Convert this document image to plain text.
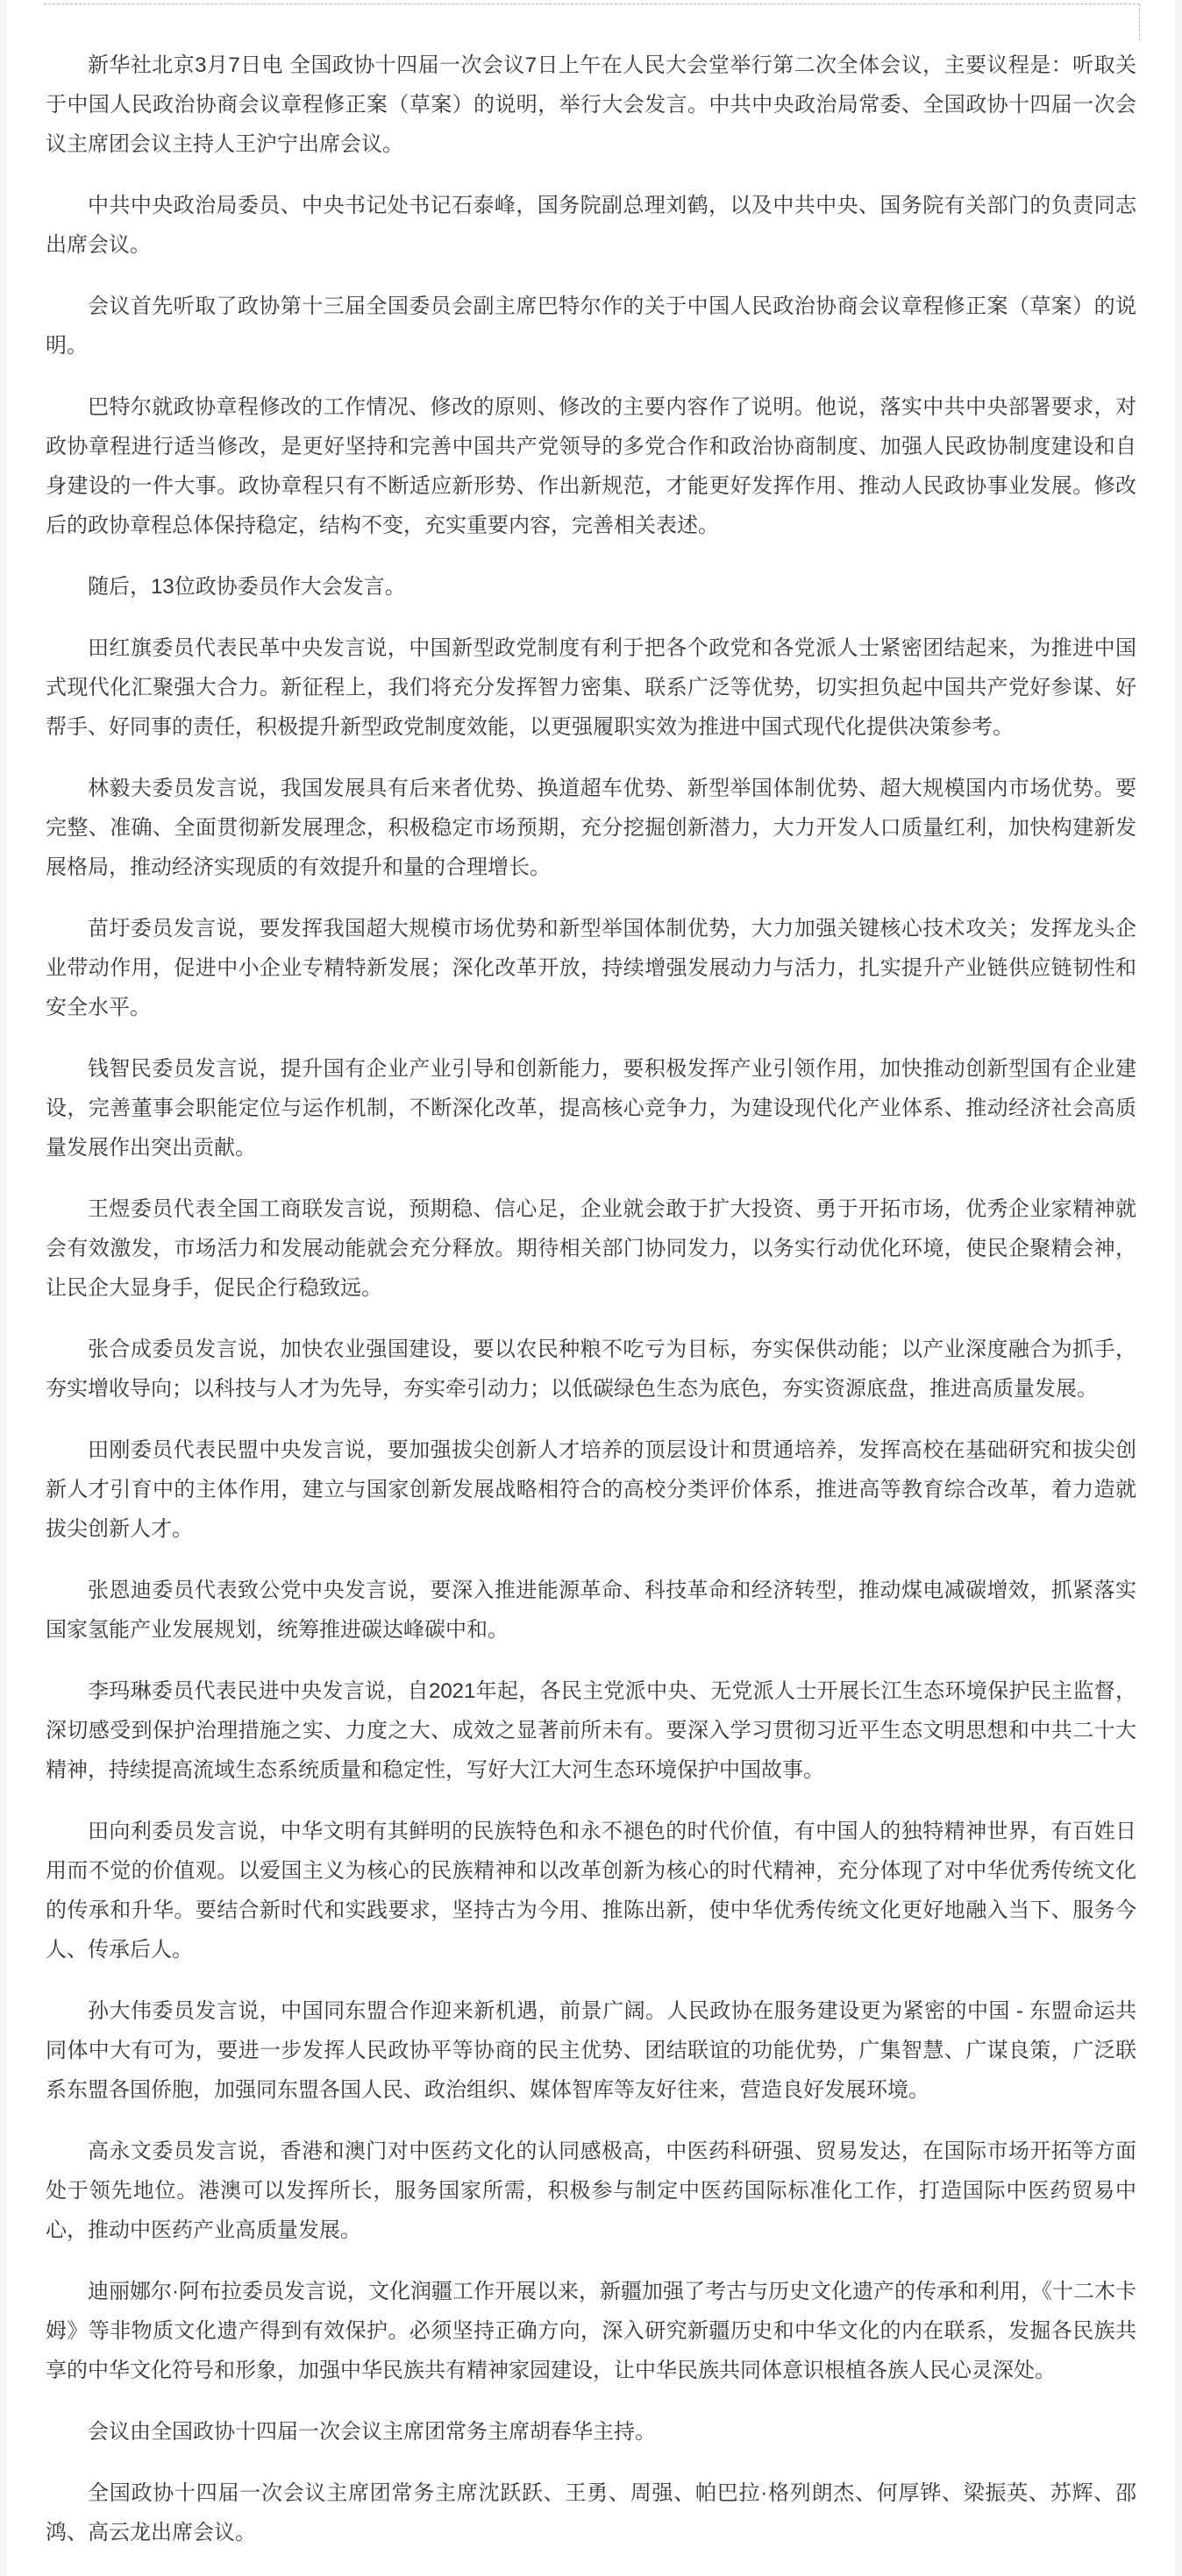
新华社北京3月7日电 全国政协十四届一次会议7日上午在人民大会堂举行第二次全体会议，主要议程是：听取关于中国人民政治协商会议章程修正案（草案）的说明，举行大会发言。中共中央政治局常委、全国政协十四届一次会议主席团会议主持人王沪宁出席会议。

中共中央政治局委员、中央书记处书记石泰峰，国务院副总理刘鹤，以及中共中央、国务院有关部门的负责同志出席会议。

会议首先听取了政协第十三届全国委员会副主席巴特尔作的关于中国人民政治协商会议章程修正案（草案）的说明。

巴特尔就政协章程修改的工作情况、修改的原则、修改的主要内容作了说明。他说，落实中共中央部署要求，对政协章程进行适当修改，是更好坚持和完善中国共产党领导的多党合作和政治协商制度、加强人民政协制度建设和自身建设的一件大事。政协章程只有不断适应新形势、作出新规范，才能更好发挥作用、推动人民政协事业发展。修改后的政协章程总体保持稳定，结构不变，充实重要内容，完善相关表述。

随后，13位政协委员作大会发言。

田红旗委员代表民革中央发言说，中国新型政党制度有利于把各个政党和各党派人士紧密团结起来，为推进中国式现代化汇聚强大合力。新征程上，我们将充分发挥智力密集、联系广泛等优势，切实担负起中国共产党好参谋、好帮手、好同事的责任，积极提升新型政党制度效能，以更强履职实效为推进中国式现代化提供决策参考。

林毅夫委员发言说，我国发展具有后来者优势、换道超车优势、新型举国体制优势、超大规模国内市场优势。要完整、准确、全面贯彻新发展理念，积极稳定市场预期，充分挖掘创新潜力，大力开发人口质量红利，加快构建新发展格局，推动经济实现质的有效提升和量的合理增长。

苗圩委员发言说，要发挥我国超大规模市场优势和新型举国体制优势，大力加强关键核心技术攻关；发挥龙头企业带动作用，促进中小企业专精特新发展；深化改革开放，持续增强发展动力与活力，扎实提升产业链供应链韧性和安全水平。

钱智民委员发言说，提升国有企业产业引导和创新能力，要积极发挥产业引领作用，加快推动创新型国有企业建设，完善董事会职能定位与运作机制，不断深化改革，提高核心竞争力，为建设现代化产业体系、推动经济社会高质量发展作出突出贡献。

王煜委员代表全国工商联发言说，预期稳、信心足，企业就会敢于扩大投资、勇于开拓市场，优秀企业家精神就会有效激发，市场活力和发展动能就会充分释放。期待相关部门协同发力，以务实行动优化环境，使民企聚精会神，让民企大显身手，促民企行稳致远。

张合成委员发言说，加快农业强国建设，要以农民种粮不吃亏为目标，夯实保供动能；以产业深度融合为抓手，夯实增收导向；以科技与人才为先导，夯实牵引动力；以低碳绿色生态为底色，夯实资源底盘，推进高质量发展。

田刚委员代表民盟中央发言说，要加强拔尖创新人才培养的顶层设计和贯通培养，发挥高校在基础研究和拔尖创新人才引育中的主体作用，建立与国家创新发展战略相符合的高校分类评价体系，推进高等教育综合改革，着力造就拔尖创新人才。

张恩迪委员代表致公党中央发言说，要深入推进能源革命、科技革命和经济转型，推动煤电减碳增效，抓紧落实国家氢能产业发展规划，统筹推进碳达峰碳中和。

李玛琳委员代表民进中央发言说，自2021年起，各民主党派中央、无党派人士开展长江生态环境保护民主监督，深切感受到保护治理措施之实、力度之大、成效之显著前所未有。要深入学习贯彻习近平生态文明思想和中共二十大精神，持续提高流域生态系统质量和稳定性，写好大江大河生态环境保护中国故事。

田向利委员发言说，中华文明有其鲜明的民族特色和永不褪色的时代价值，有中国人的独特精神世界，有百姓日用而不觉的价值观。以爱国主义为核心的民族精神和以改革创新为核心的时代精神，充分体现了对中华优秀传统文化的传承和升华。要结合新时代和实践要求，坚持古为今用、推陈出新，使中华优秀传统文化更好地融入当下、服务今人、传承后人。

孙大伟委员发言说，中国同东盟合作迎来新机遇，前景广阔。人民政协在服务建设更为紧密的中国 - 东盟命运共同体中大有可为，要进一步发挥人民政协平等协商的民主优势、团结联谊的功能优势，广集智慧、广谋良策，广泛联系东盟各国侨胞，加强同东盟各国人民、政治组织、媒体智库等友好往来，营造良好发展环境。

高永文委员发言说，香港和澳门对中医药文化的认同感极高，中医药科研强、贸易发达，在国际市场开拓等方面处于领先地位。港澳可以发挥所长，服务国家所需，积极参与制定中医药国际标准化工作，打造国际中医药贸易中心，推动中医药产业高质量发展。

迪丽娜尔·阿布拉委员发言说，文化润疆工作开展以来，新疆加强了考古与历史文化遗产的传承和利用，《十二木卡姆》等非物质文化遗产得到有效保护。必须坚持正确方向，深入研究新疆历史和中华文化的内在联系，发掘各民族共享的中华文化符号和形象，加强中华民族共有精神家园建设，让中华民族共同体意识根植各族人民心灵深处。

会议由全国政协十四届一次会议主席团常务主席胡春华主持。

全国政协十四届一次会议主席团常务主席沈跃跃、王勇、周强、帕巴拉·格列朗杰、何厚铧、梁振英、苏辉、邵鸿、高云龙出席会议。
